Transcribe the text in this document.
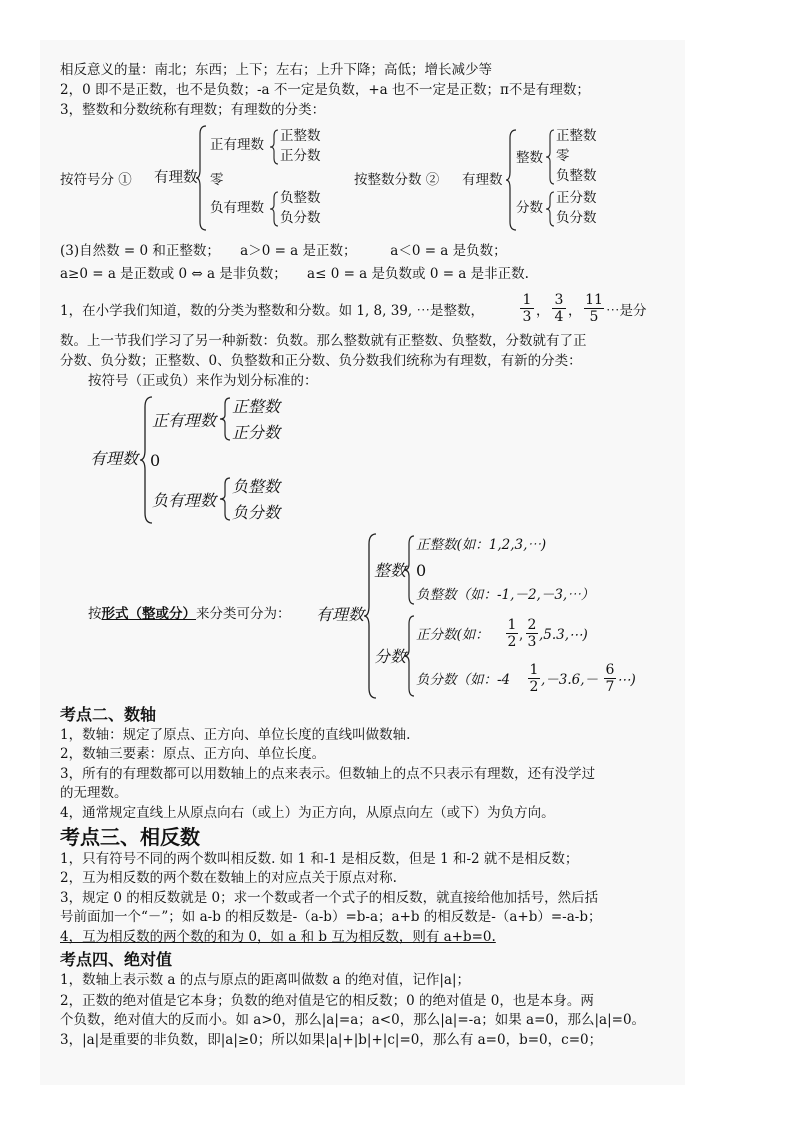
相反意义的量：南北；东西；上下；左右；上升下降；高低；增长减少等
2，0 即不是正数，也不是负数；-a 不一定是负数，+a 也不一定是正数；π不是有理数；
3，整数和分数统称有理数；有理数的分类：
按符号分 ① 有理数
正有理数
正整数
正分数
零
负有理数
负整数
负分数
按整数分数 ② 有理数
整数
正整数
零
负整数
分数
正分数
负分数
(3)自然数 = 0 和正整数；　　a＞0 = a 是正数；　　　a＜0 = a 是负数；
a≥0 = a 是正数或 0 ⇔ a 是非负数；　　a≤ 0 = a 是负数或 0 = a 是非正数.
1，在小学我们知道，数的分类为整数和分数。如 1, 8, 39, ⋯是整数，	$\frac{1}{3}$ ， $\frac{3}{4}$ ， $\frac{11}{5}$ ⋯是分
数。上一节我们学习了另一种新数：负数。那么整数就有正整数、负整数，分数就有了正
分数、负分数；正整数、0、负整数和正分数、负分数我们统称为有理数，有新的分类：
按符号（正或负）来作为划分标准的：
有理数
正有理数
正整数
正分数
0
负有理数
负整数
负分数
按形式（整或分）来分类可分为： 有理数
整数
正整数(如：1,2,3,⋯)
0
负整数（如：-1,－2,－3,⋯）
分数
正分数(如： $\frac{1}{2}$ , $\frac{2}{3}$ ,5.3,⋯)
负分数（如：$-4 \frac{1}{2} ,-3.6,- \frac{6}{7}$ ⋯)
考点二、数轴
1，数轴：规定了原点、正方向、单位长度的直线叫做数轴.
2，数轴三要素：原点、正方向、单位长度。
3，所有的有理数都可以用数轴上的点来表示。但数轴上的点不只表示有理数，还有没学过
的无理数。
4，通常规定直线上从原点向右（或上）为正方向，从原点向左（或下）为负方向。
考点三、相反数
1，只有符号不同的两个数叫相反数. 如 1 和-1 是相反数，但是 1 和-2 就不是相反数；
2，互为相反数的两个数在数轴上的对应点关于原点对称.
3，规定 0 的相反数就是 0；求一个数或者一个式子的相反数，就直接给他加括号，然后括
号前面加一个“－”；如 a-b 的相反数是-（a-b）=b-a；a+b 的相反数是-（a+b）=-a-b；
4，互为相反数的两个数的和为 0，如 a 和 b 互为相反数，则有 a+b=0.
考点四、绝对值
1，数轴上表示数 a 的点与原点的距离叫做数 a 的绝对值，记作|a|；
2，正数的绝对值是它本身；负数的绝对值是它的相反数；0 的绝对值是 0，也是本身。两
个负数，绝对值大的反而小。如 a>0，那么|a|=a；a<0，那么|a|=-a；如果 a=0，那么|a|=0。
3，|a|是重要的非负数，即|a|≥0；所以如果|a|+|b|+|c|=0，那么有 a=0，b=0，c=0；
